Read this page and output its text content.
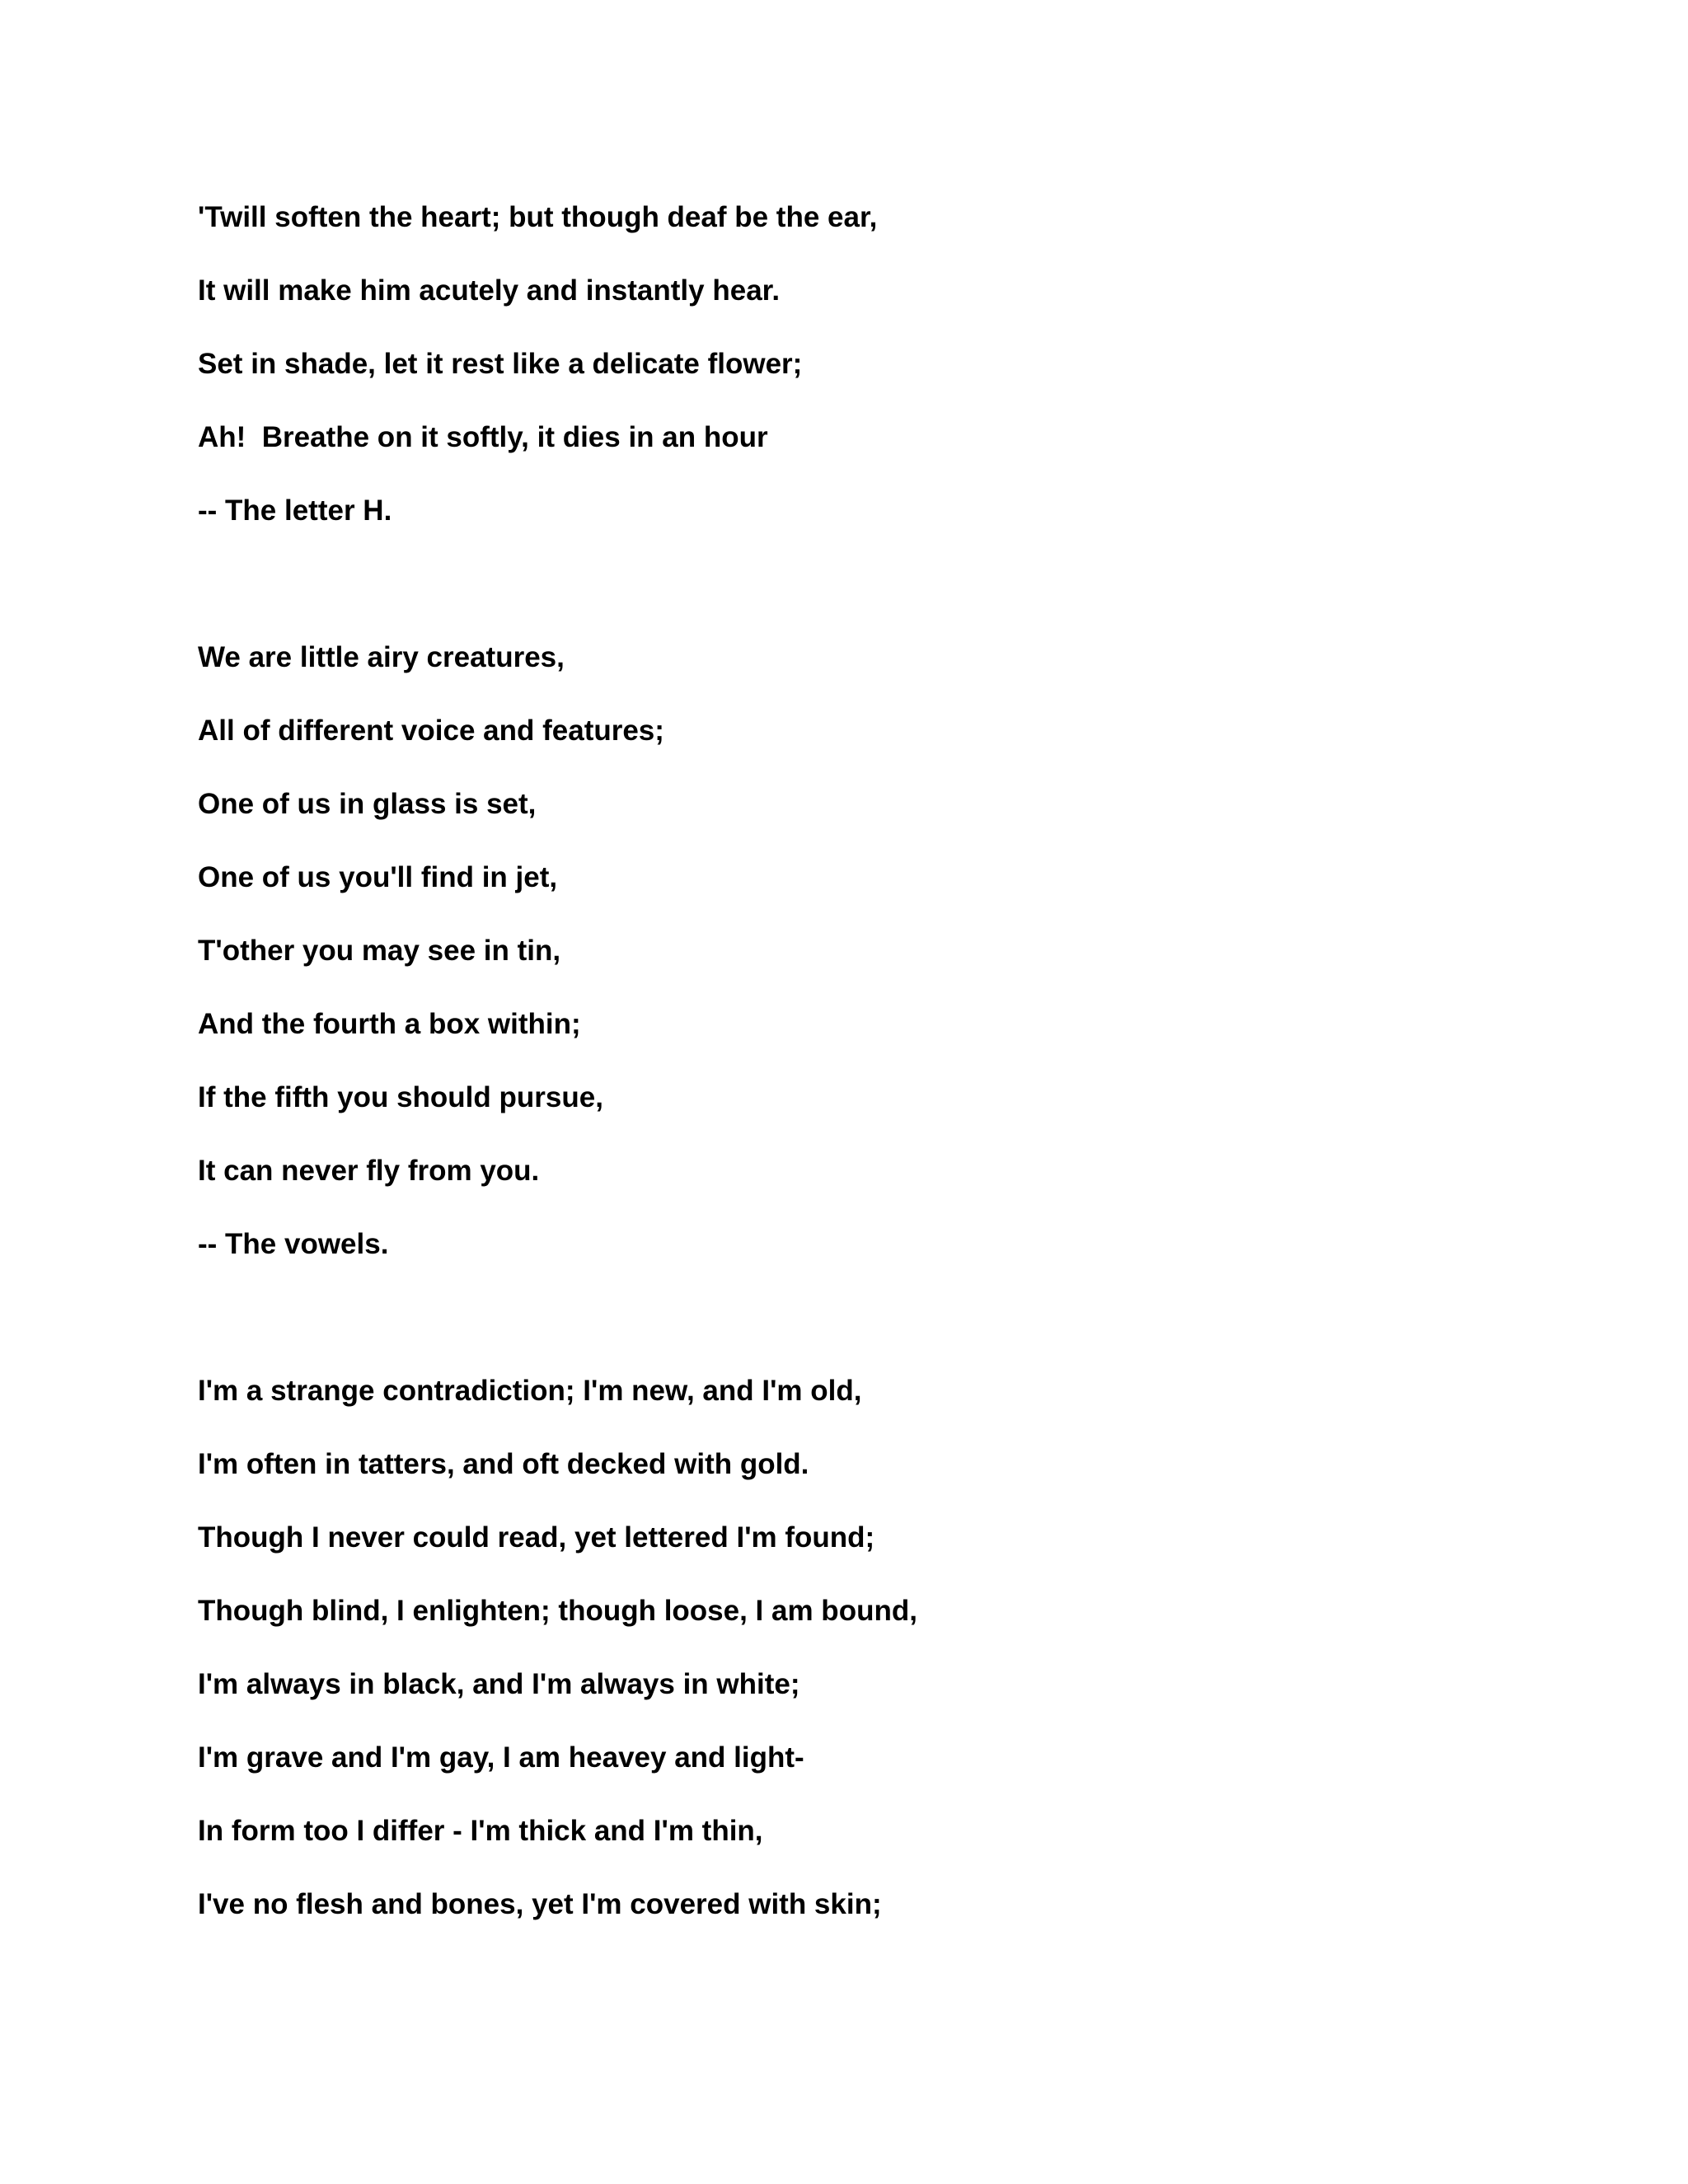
'Twill soften the heart; but though deaf be the ear,
It will make him acutely and instantly hear.
Set in shade, let it rest like a delicate flower;
Ah!  Breathe on it softly, it dies in an hour
-- The letter H.
We are little airy creatures,
All of different voice and features;
One of us in glass is set,
One of us you'll find in jet,
T'other you may see in tin,
And the fourth a box within;
If the fifth you should pursue,
It can never fly from you.
-- The vowels.
I'm a strange contradiction; I'm new, and I'm old,
I'm often in tatters, and oft decked with gold.
Though I never could read, yet lettered I'm found;
Though blind, I enlighten; though loose, I am bound,
I'm always in black, and I'm always in white;
I'm grave and I'm gay, I am heavey and light-
In form too I differ - I'm thick and I'm thin,
I've no flesh and bones, yet I'm covered with skin;
